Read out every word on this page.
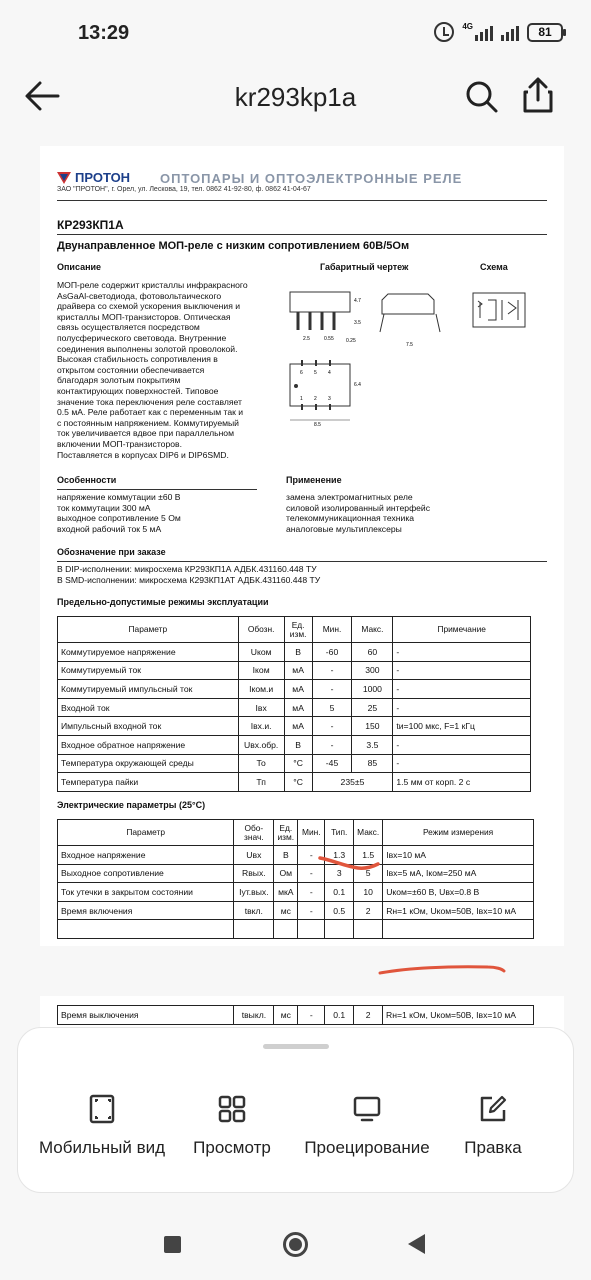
13:29	4G	81
kr293kp1a
ПРОТОН ОПТОПАРЫ И ОПТОЭЛЕКТРОННЫЕ РЕЛЕ
ЗАО "ПРОТОН", г. Орел, ул. Лескова, 19, тел. 0862 41-92-80, ф. 0862 41-04-67
КР293КП1А
Двунаправленное МОП-реле с низким сопротивлением 60В/5Ом
Описание
МОП-реле содержит кристаллы инфракрасного
AsGaAl-светодиода, фотовольтаического
драйвера со схемой ускорения выключения и
кристаллы МОП-транзисторов. Оптическая
связь осуществляется посредством
полусферического световода. Внутренние
соединения выполнены золотой проволокой.
Высокая стабильность сопротивления в
открытом состоянии обеспечивается
благодаря золотым покрытиям
контактирующих поверхностей. Типовое
значение тока переключения реле составляет
0.5 мА. Реле работает как с переменным так и
с постоянным напряжением. Коммутируемый
ток увеличивается вдвое при параллельном
включении МОП-транзисторов.
Поставляется в корпусах DIP6 и DIP6SMD.
Габаритный чертеж	Схема
4.7
3.5
0.25
2.5	0.55
7.5
6 5 4
1 2 3
6.4
8.5
Особенности
напряжение коммутации ±60 В
ток коммутации 300 мА
выходное сопротивление 5 Ом
входной рабочий ток 5 мА
Применение
замена электромагнитных реле
силовой изолированный интерфейс
телекоммуникационная техника
аналоговые мультиплексеры
Обозначение при заказе
В DIP-исполнении: микросхема КР293КП1А АДБК.431160.448 ТУ
В SMD-исполнении: микросхема К293КП1АТ АДБК.431160.448 ТУ
Предельно-допустимые режимы эксплуатации
Параметр	Обозн.	Ед. изм.	Мин.	Макс.	Примечание
Коммутируемое напряжение	Uком	В	-60	60	-
Коммутируемый ток	Iком	мА	-	300	-
Коммутируемый импульсный ток	Iком.и	мА	-	1000	-
Входной ток	Iвх	мА	5	25	-
Импульсный входной ток	Iвх.и.	мА	-	150	tи=100 мкс, F=1 кГц
Входное обратное напряжение	Uвх.обр.	В	-	3.5	-
Температура окружающей среды	То	°С	-45	85	-
Температура пайки	Тп	°С	235±5		1.5 мм от корп. 2 с
Электрические параметры (25°С)
Параметр	Обо-знач.	Ед. изм.	Мин.	Тип.	Макс.	Режим измерения
Входное напряжение	Uвх	В	-	1.3	1.5	Iвх=10 мА
Выходное сопротивление	Rвых.	Ом	-	3	5	Iвх=5 мА, Iком=250 мА
Ток утечки в закрытом состоянии	Iут.вых.	мкА	-	0.1	10	Uком=±60 В, Uвх=0.8 В
Время включения	tвкл.	мс	-	0.5	2	Rн=1 кОм, Uком=50В, Iвх=10 мА

Время выключения	tвыкл.	мс	-	0.1	2	Rн=1 кОм, Uком=50В, Iвх=10 мА
Мобильный вид	Просмотр	Проецирование	Правка
